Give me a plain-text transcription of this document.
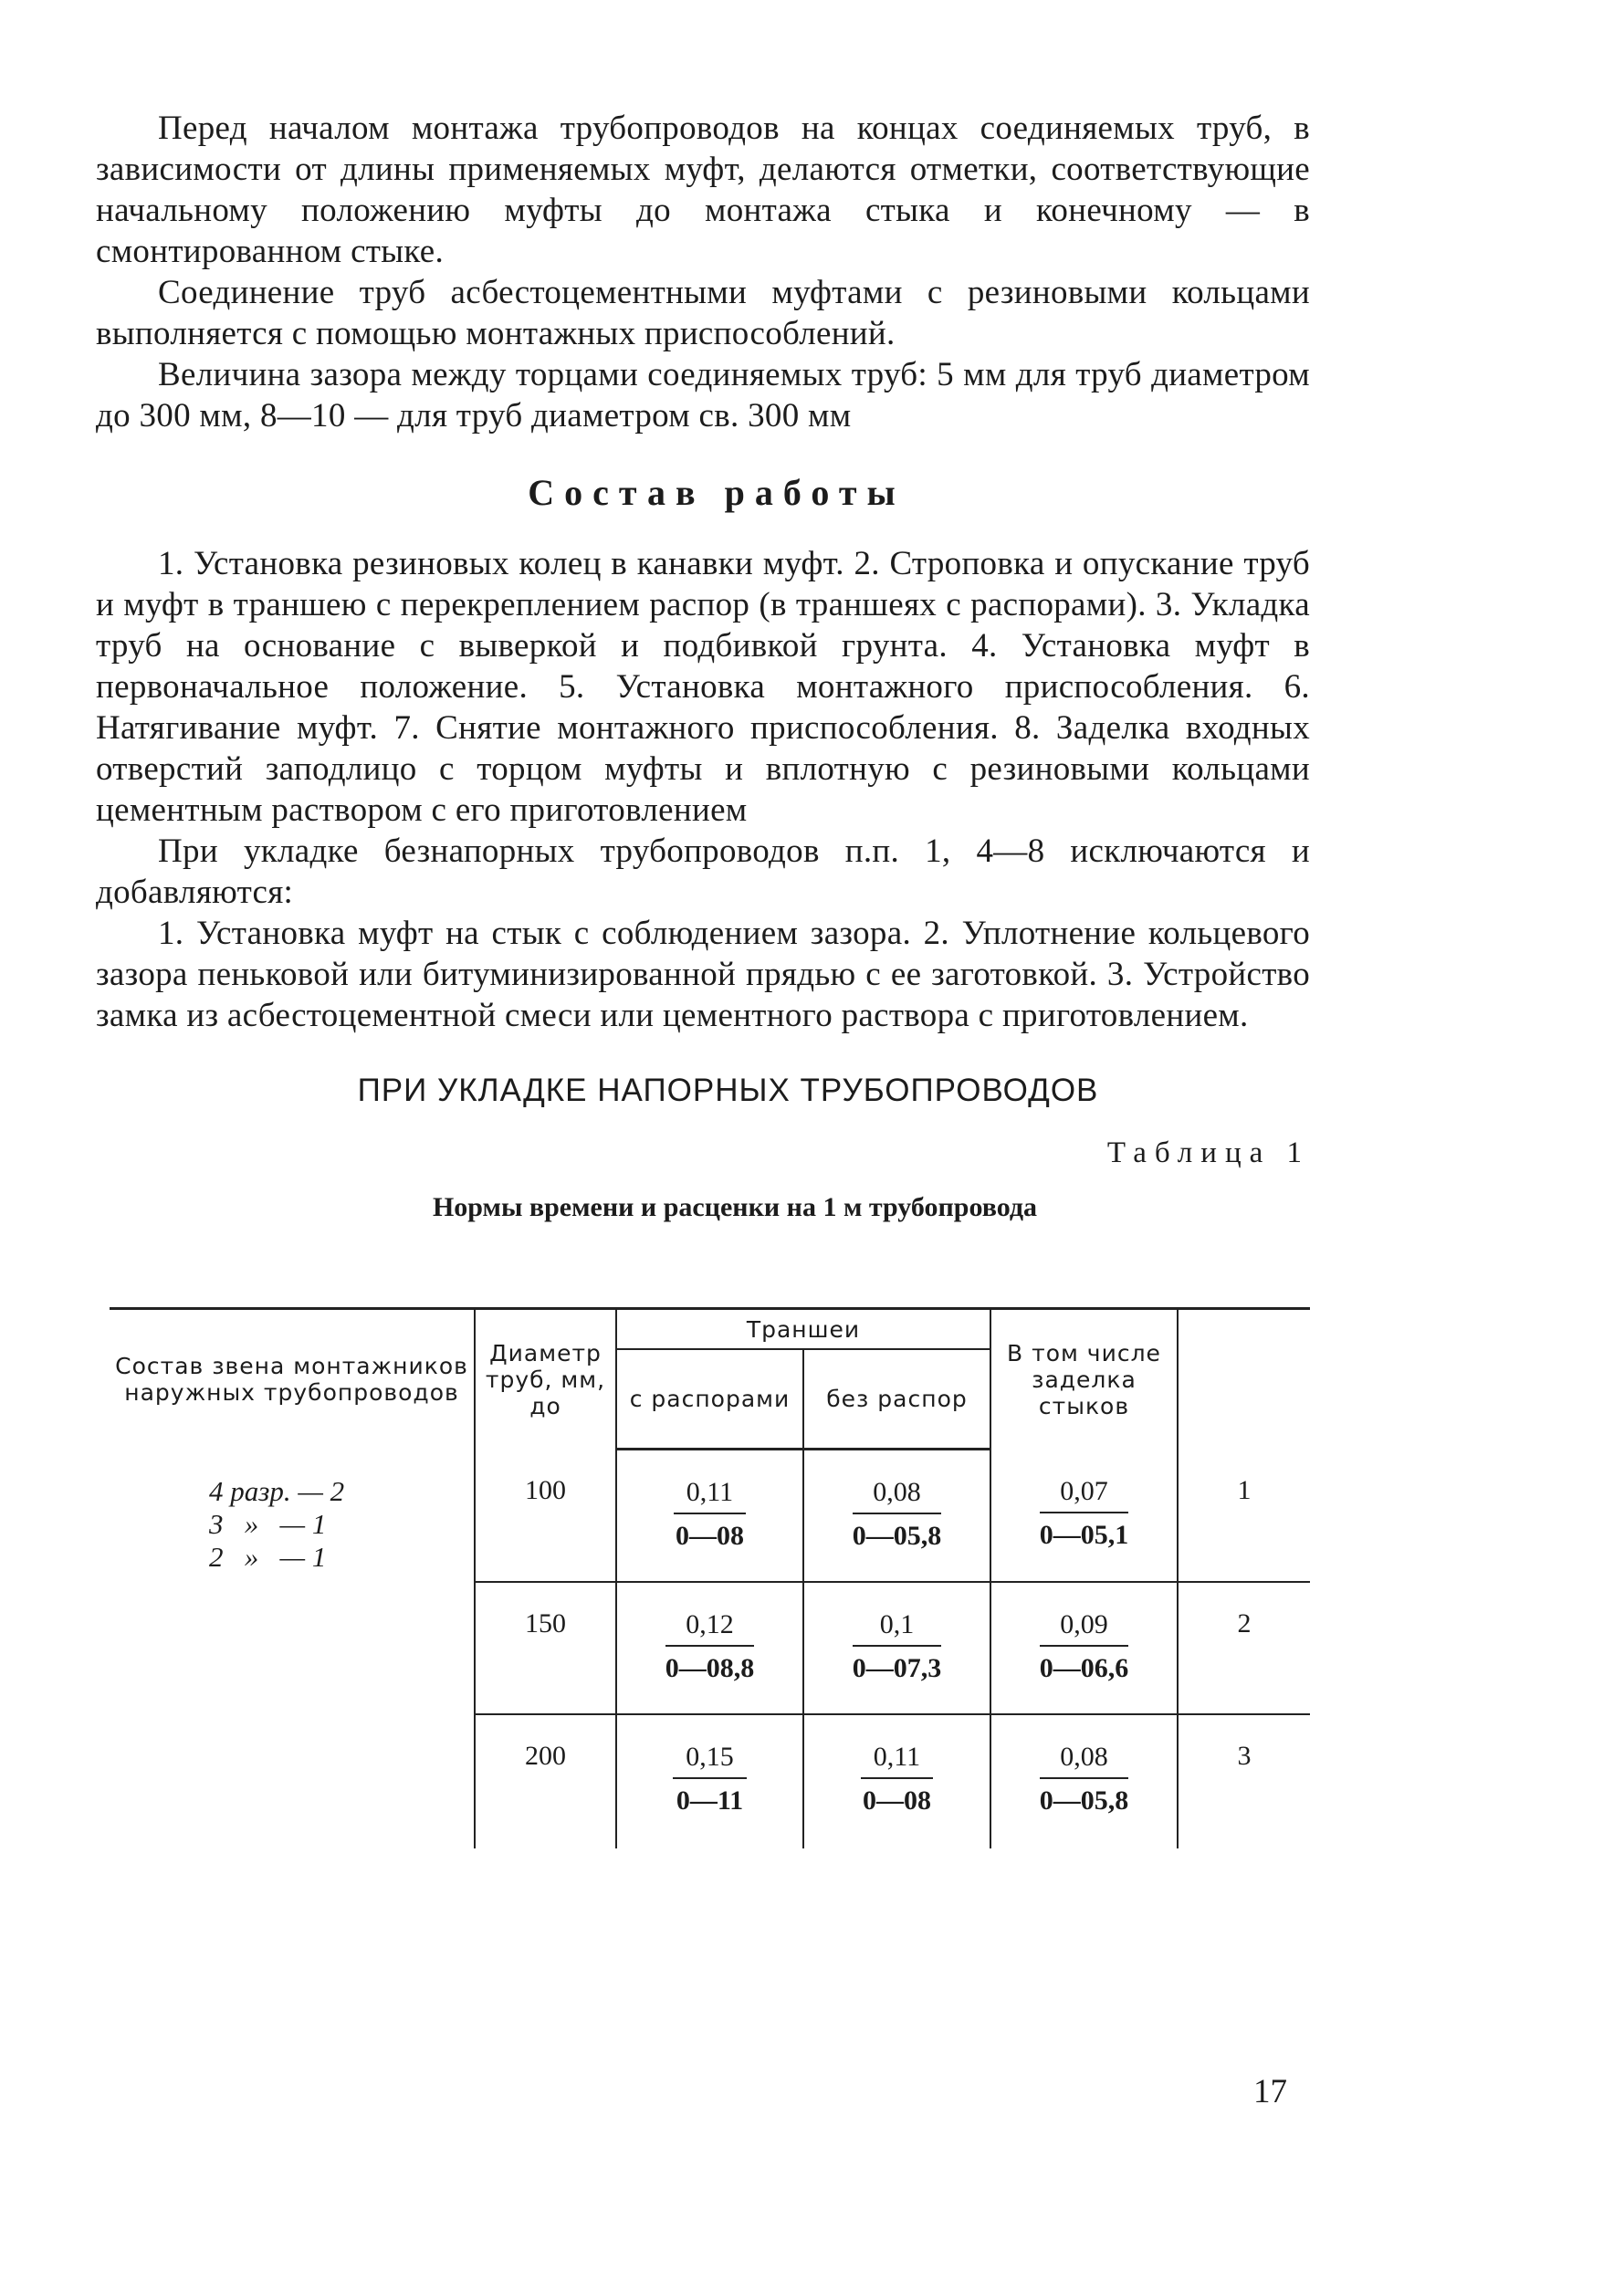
Перед началом монтажа трубопроводов на концах соединяемых труб, в зависимости от длины применяемых муфт, делаются отметки, соответствующие начальному положению муфты до монтажа стыка и конечному — в смонтированном стыке.

Соединение труб асбестоцементными муфтами с резиновыми кольцами выполняется с помощью монтажных приспособлений.

Величина зазора между торцами соединяемых труб: 5 мм для труб диаметром до 300 мм, 8—10 — для труб диаметром св. 300 мм

Состав работы

1. Установка резиновых колец в канавки муфт. 2. Строповка и опускание труб и муфт в траншею с перекреплением распор (в траншеях с распорами). 3. Укладка труб на основание с выверкой и подбивкой грунта. 4. Установка муфт в первоначальное положение. 5. Установка монтажного приспособления. 6. Натягивание муфт. 7. Снятие монтажного приспособления. 8. Заделка входных отверстий заподлицо с торцом муфты и вплотную с резиновыми кольцами цементным раствором с его приготовлением

При укладке безнапорных трубопроводов п.п. 1, 4—8 исключаются и добавляются:

1. Установка муфт на стык с соблюдением зазора. 2. Уплотнение кольцевого зазора пеньковой или битуминизированной прядью с ее заготовкой. 3. Устройство замка из асбестоцементной смеси или цементного раствора с приготовлением.

ПРИ УКЛАДКЕ НАПОРНЫХ ТРУБОПРОВОДОВ
Таблица 1
Нормы времени и расценки на 1 м трубопровода
Состав звена монтажников наружных трубопроводов	Диаметр труб, мм, до	Траншеи		В том числе заделка стыков	
		с распорами	без распор		

4 разр. — 2
3   »   — 1
2   »   — 1	100	$\frac{0,11}{0—08}$	$\frac{0,08}{0—05,8}$	$\frac{0,07}{0—05,1}$	1
	150	$\frac{0,12}{0—08,8}$	$\frac{0,1}{0—07,3}$	$\frac{0,09}{0—06,6}$	2
	200	$\frac{0,15}{0—11}$	$\frac{0,11}{0—08}$	$\frac{0,08}{0—05,8}$	3
17
